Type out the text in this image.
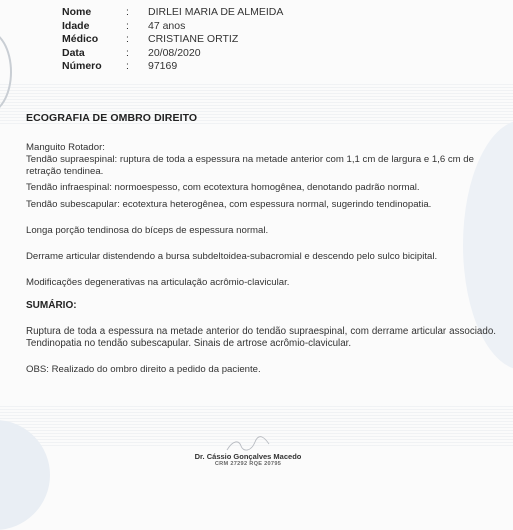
Nome	:	DIRLEI MARIA DE ALMEIDA
Idade	:	47 anos
Médico	:	CRISTIANE ORTIZ
Data	:	20/08/2020
Número	:	97169
ECOGRAFIA DE OMBRO DIREITO

Manguito Rotador:

Tendão supraespinal: ruptura de toda a espessura na metade anterior com 1,1 cm de largura e 1,6 cm de retração tendinea.

Tendão infraespinal: normoespesso, com ecotextura homogênea, denotando padrão normal.

Tendão subescapular: ecotextura heterogênea, com espessura normal, sugerindo tendinopatia.

Longa porção tendinosa do bíceps de espessura normal.

Derrame articular distendendo a bursa subdeltoidea-subacromial e descendo pelo sulco bicipital.

Modificações degenerativas na articulação acrômio-clavicular.

SUMÁRIO:

Ruptura de toda a espessura na metade anterior do tendão supraespinal, com derrame articular associado. Tendinopatia no tendão subescapular. Sinais de artrose acrômio-clavicular.

OBS: Realizado do ombro direito a pedido da paciente.

Dr. Cássio Gonçalves Macedo
CRM 27292 RQE 20795
